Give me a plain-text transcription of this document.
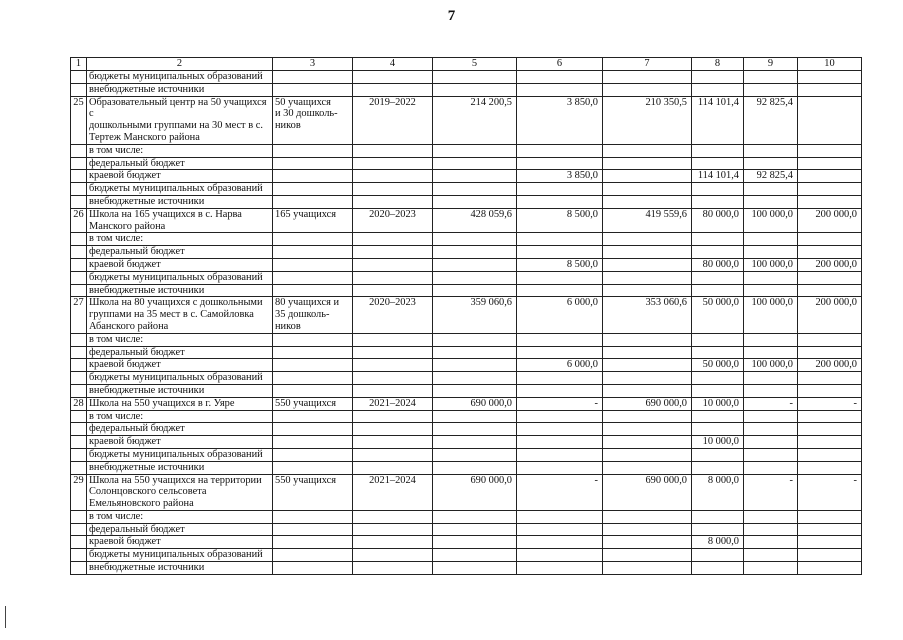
7
1	2	3	4	5	6	7	8	9	10
	бюджеты муниципальных образований								
	внебюджетные источники								
25	Образовательный центр на 50 учащихся с
дошкольными группами на 30 мест в с.
Тертеж Манского района	50 учащихся
и 30 дошколь-
ников	2019–2022	214 200,5	3 850,0	210 350,5	114 101,4	92 825,4	
	в том числе:								
	федеральный бюджет								
	краевой бюджет				3 850,0		114 101,4	92 825,4	
	бюджеты муниципальных образований								
	внебюджетные источники								
26	Школа на 165 учащихся в с. Нарва
Манского района	165 учащихся	2020–2023	428 059,6	8 500,0	419 559,6	80 000,0	100 000,0	200 000,0
	в том числе:								
	федеральный бюджет								
	краевой бюджет				8 500,0		80 000,0	100 000,0	200 000,0
	бюджеты муниципальных образований								
	внебюджетные источники								
27	Школа на 80 учащихся с дошкольными
группами на 35 мест в с. Самойловка
Абанского района	80 учащихся и
35 дошколь-
ников	2020–2023	359 060,6	6 000,0	353 060,6	50 000,0	100 000,0	200 000,0
	в том числе:								
	федеральный бюджет								
	краевой бюджет				6 000,0		50 000,0	100 000,0	200 000,0
	бюджеты муниципальных образований								
	внебюджетные источники								
28	Школа на 550 учащихся в г. Уяре	550 учащихся	2021–2024	690 000,0	-	690 000,0	10 000,0	-	-
	в том числе:								
	федеральный бюджет								
	краевой бюджет						10 000,0		
	бюджеты муниципальных образований								
	внебюджетные источники								
29	Школа на 550 учащихся на территории
Солонцовского сельсовета
Емельяновского района	550 учащихся	2021–2024	690 000,0	-	690 000,0	8 000,0	-	-
	в том числе:								
	федеральный бюджет								
	краевой бюджет						8 000,0		
	бюджеты муниципальных образований								
	внебюджетные источники								
